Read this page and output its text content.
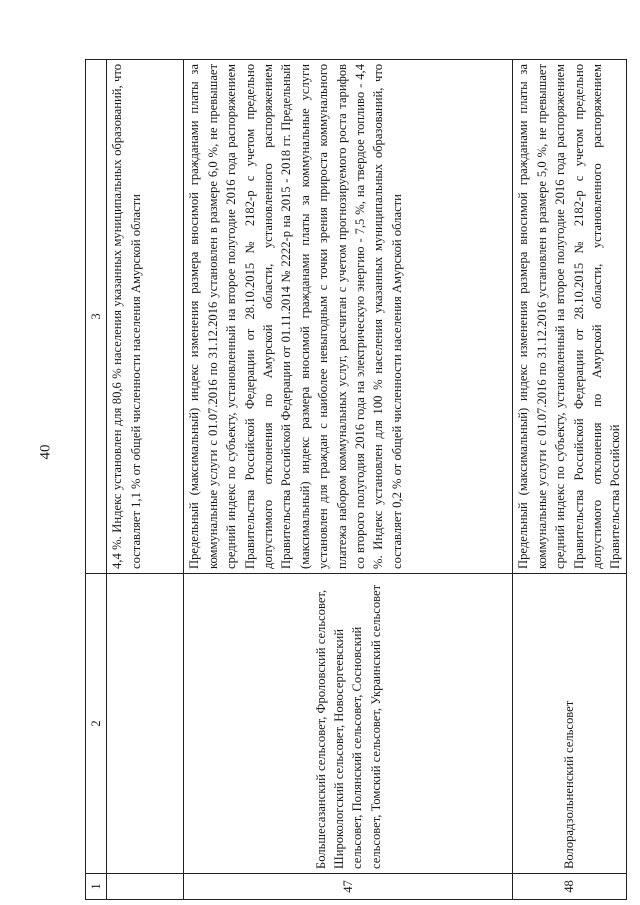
40
1	2	3
		4,4 %. Индекс установлен для 80,6 % населения указанных муниципальных образований, что составляет 1,1 % от общей численности населения Амурской области
47	Большесазанский сельсовет, Фроловский сельсовет, Широкологский сельсовет, Новосергеевский сельсовет, Полянский сельсовет, Сосновский сельсовет, Томский сельсовет, Украинский сельсовет	Предельный (максимальный) индекс изменения размера вносимой гражданами платы за коммунальные услуги с 01.07.2016 по 31.12.2016 установлен в размере 6,0 %, не превышает средний индекс по субъекту, установленный на второе полугодие 2016 года распоряжением Правительства Российской Федерации от 28.10.2015 № 2182-р с учетом предельно допустимого отклонения по Амурской области, установленного распоряжением Правительства Российской Федерации от 01.11.2014 № 2222-р на 2015 - 2018 гг. Предельный (максимальный) индекс размера вносимой гражданами платы за коммунальные услуги установлен для граждан с наиболее невыгодным с точки зрения прироста коммунального платежа набором коммунальных услуг, рассчитан с учетом прогнозируемого роста тарифов со второго полугодия 2016 года на электрическую энергию - 7,5 %, на твердое топливо - 4,4 %. Индекс установлен для 100 % населения указанных муниципальных образований, что составляет 0,2 % от общей численности населения Амурской области
48	Волорадзольненский сельсовет	Предельный (максимальный) индекс изменения размера вносимой гражданами платы за коммунальные услуги с 01.07.2016 по 31.12.2016 установлен в размере 5,0 %, не превышает средний индекс по субъекту, установленный на второе полугодие 2016 года распоряжением Правительства Российской Федерации от 28.10.2015 № 2182-р с учетом предельно допустимого отклонения по Амурской области, установленного распоряжением Правительства Российской
